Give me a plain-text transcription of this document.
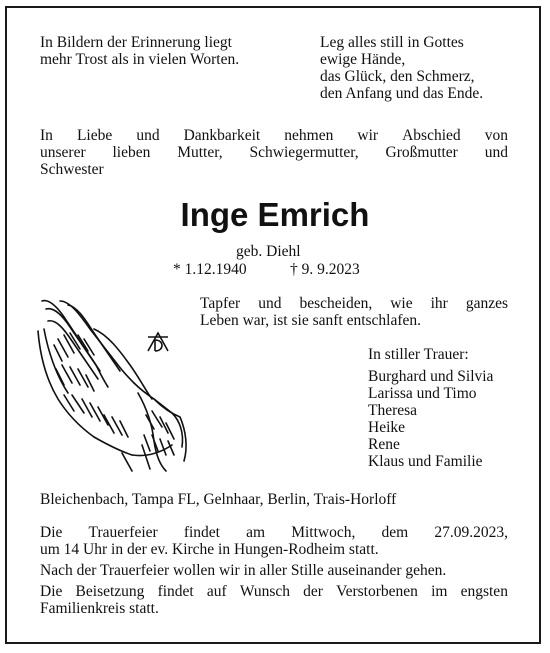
In Bildern der Erinnerung liegt
mehr Trost als in vielen Worten.
Leg alles still in Gottes
ewige Hände,
das Glück, den Schmerz,
den Anfang und das Ende.
In Liebe und Dankbarkeit nehmen wir Abschied von
unserer lieben Mutter, Schwiegermutter, Großmutter und
Schwester
Inge Emrich
geb. Diehl
* 1.12.1940	† 9. 9.2023
Tapfer und bescheiden, wie ihr ganzes
Leben war, ist sie sanft entschlafen.
In stiller Trauer:
Burghard und Silvia
Larissa und Timo
Theresa
Heike
Rene
Klaus und Familie
Bleichenbach, Tampa FL, Gelnhaar, Berlin, Trais-Horloff
Die Trauerfeier findet am Mittwoch, dem 27.09.2023,
um 14 Uhr in der ev. Kirche in Hungen-Rodheim statt.
Nach der Trauerfeier wollen wir in aller Stille auseinander gehen.
Die Beisetzung findet auf Wunsch der Verstorbenen im engsten
Familienkreis statt.
